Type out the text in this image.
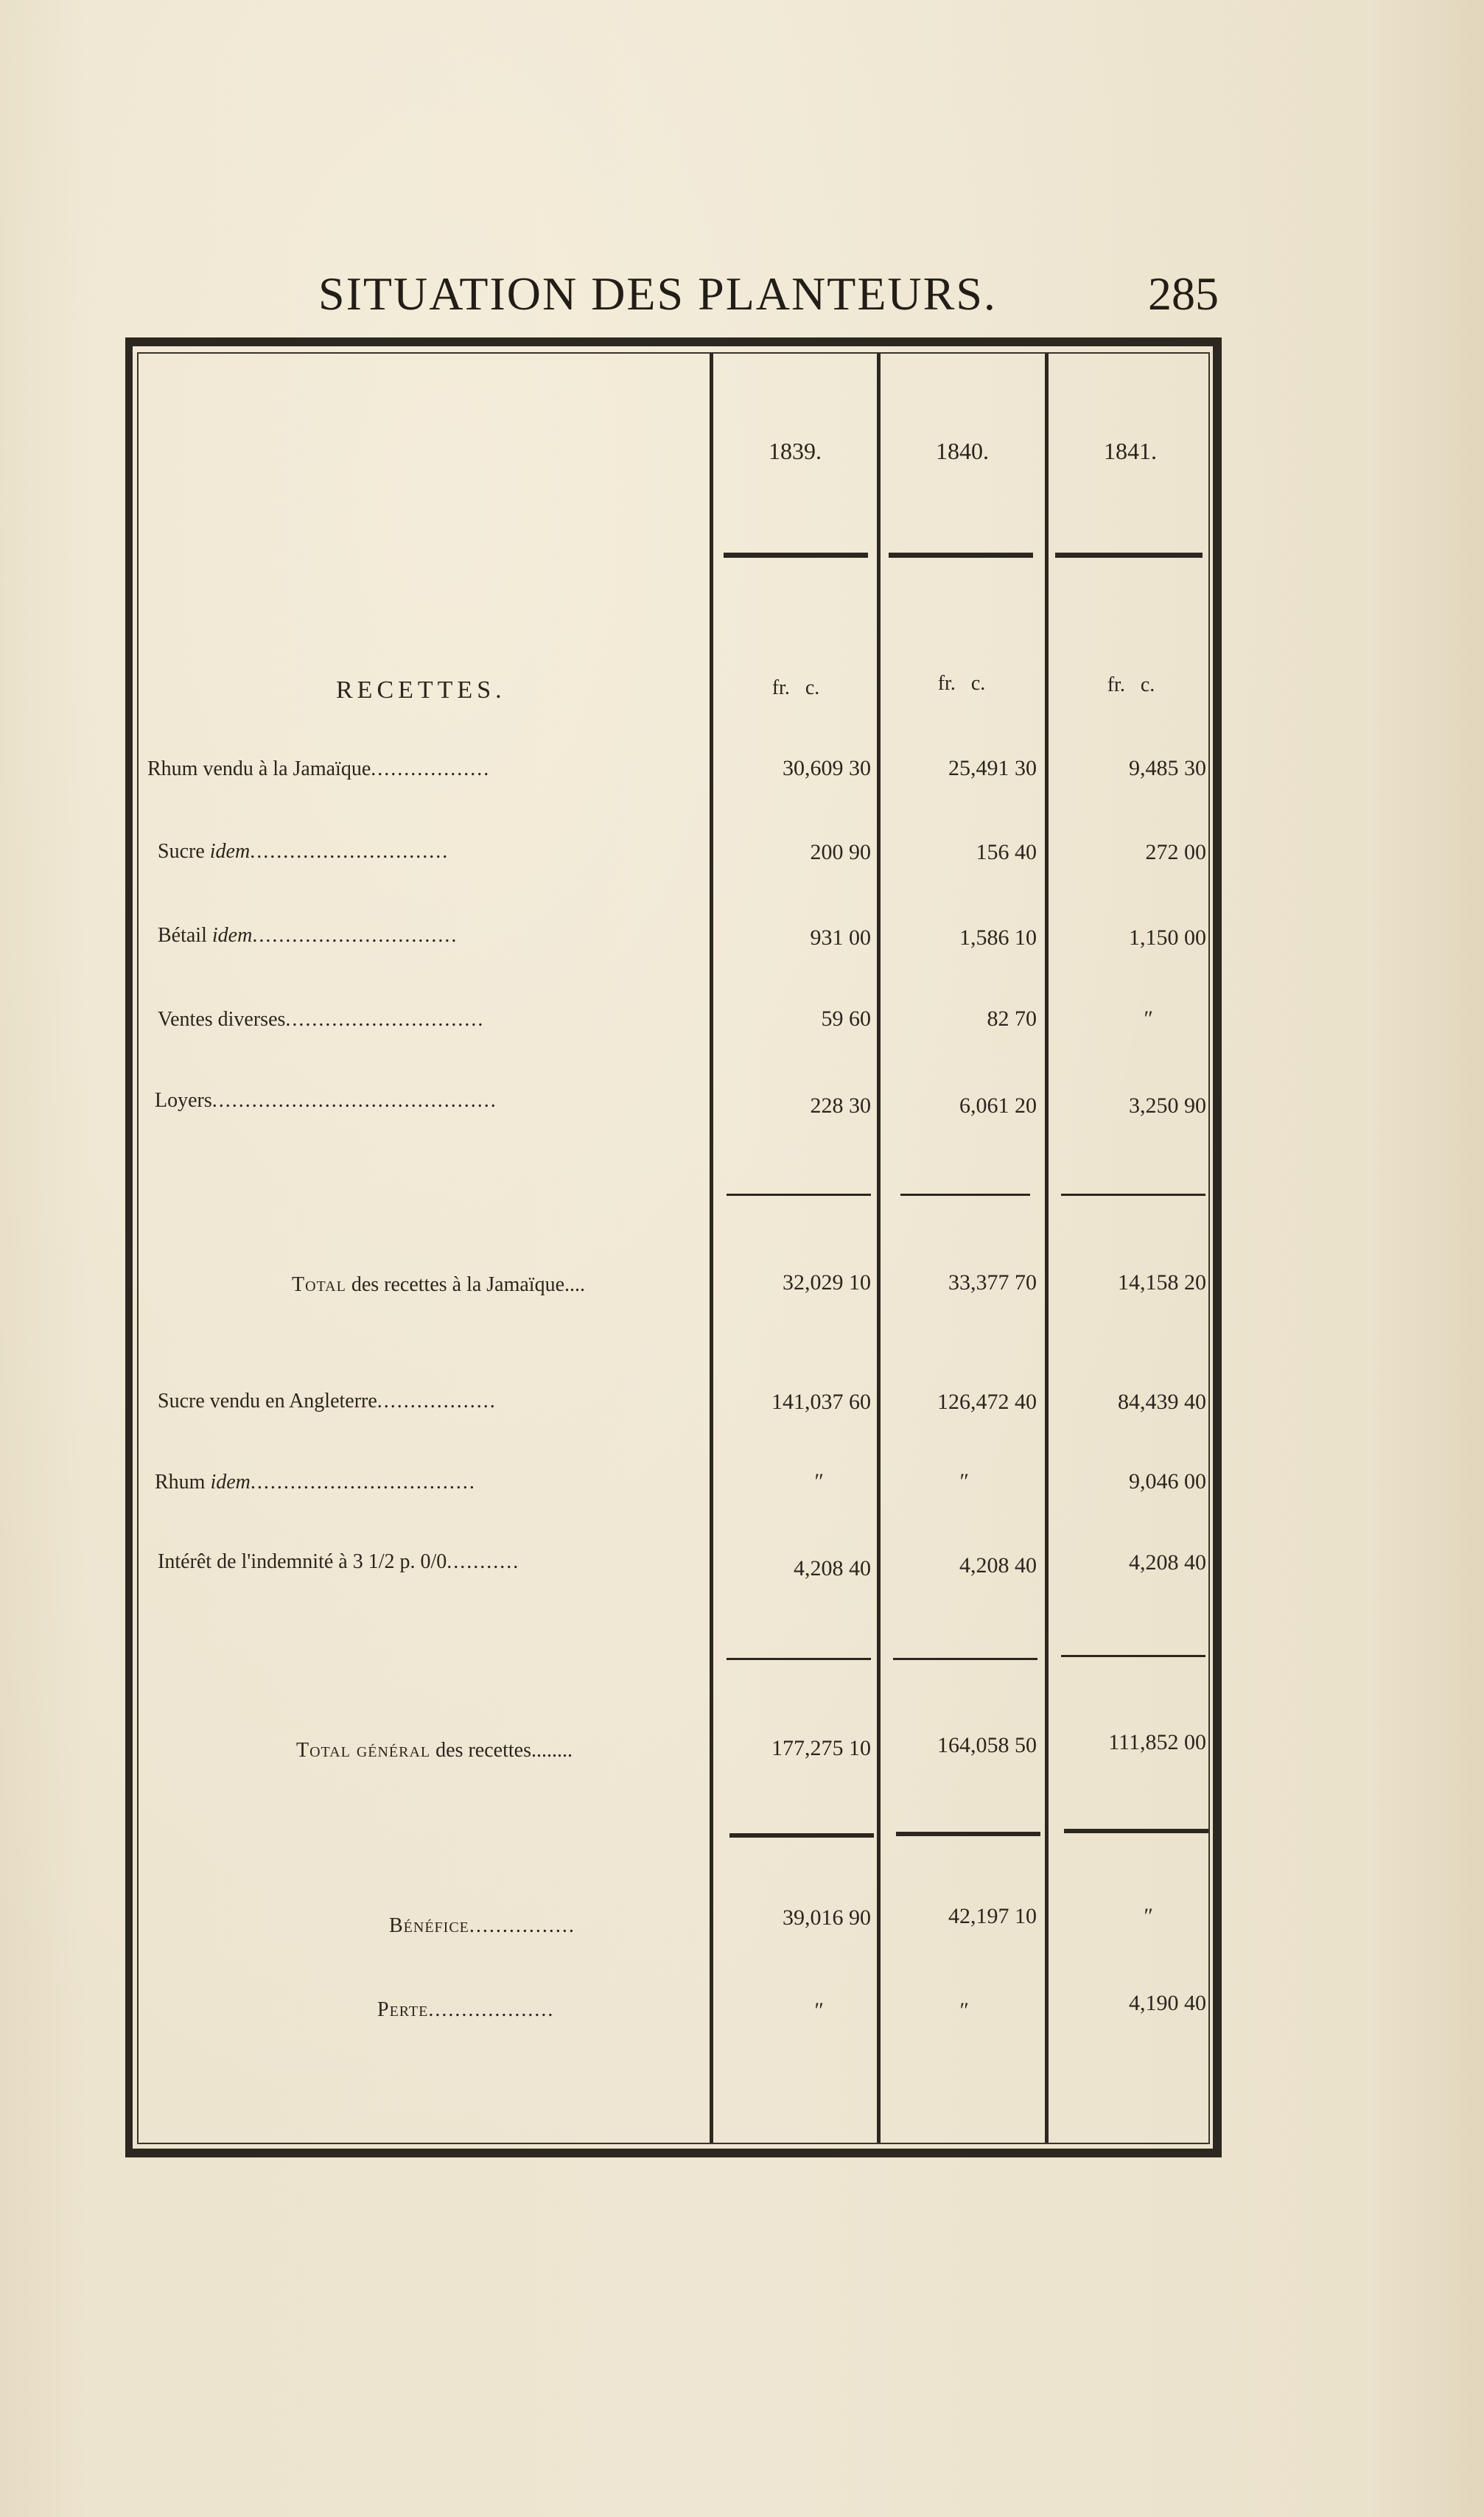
SITUATION DES PLANTEURS.	285
1839.	1840.	1841.
RECETTES.	fr.   c.	fr.   c.	fr.   c.
Rhum vendu à la Jamaïque..................	30,609 30	25,491 30	9,485 30
Sucre idem..............................	200 90	156 40	272 00
Bétail idem...............................	931 00	1,586 10	1,150 00
Ventes diverses..............................	59 60	82 70	″
Loyers...........................................	228 30	6,061 20	3,250 90
Total des recettes à la Jamaïque....	32,029 10	33,377 70	14,158 20
Sucre vendu en Angleterre..................	141,037 60	126,472 40	84,439 40
Rhum idem..................................	″	″	9,046 00
Intérêt de l'indemnité à 3 1/2 p. 0/0...........	4,208 40	4,208 40	4,208 40
Total général des recettes........	177,275 10	164,058 50	111,852 00
Bénéfice................	39,016 90	42,197 10	″
Perte...................	″	″	4,190 40
